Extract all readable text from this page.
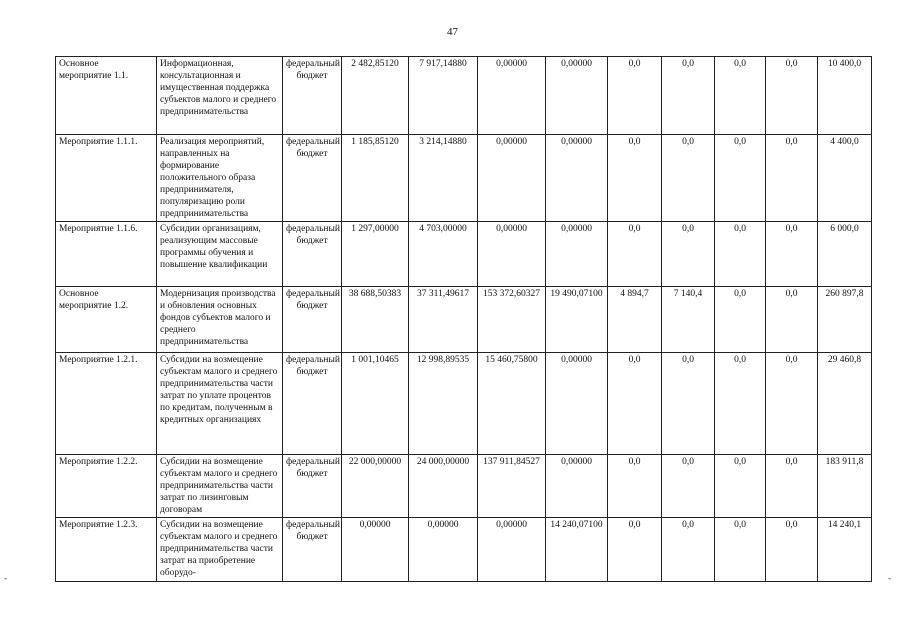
47
Основное мероприятие 1.1.	Информационная, консультационная и имущественная поддержка субъектов малого и среднего предпринимательства	федеральный бюджет	2 482,85120	7 917,14880	0,00000	0,00000	0,0	0,0	0,0	0,0	10 400,0
Мероприятие 1.1.1.	Реализация мероприятий, направленных на формирование положительного образа предпринимателя, популяризацию роли предпринимательства	федеральный бюджет	1 185,85120	3 214,14880	0,00000	0,00000	0,0	0,0	0,0	0,0	4 400,0
Мероприятие 1.1.6.	Субсидии организациям, реализующим массовые программы обучения и повышение квалификации	федеральный бюджет	1 297,00000	4 703,00000	0,00000	0,00000	0,0	0,0	0,0	0,0	6 000,0
Основное мероприятие 1.2.	Модернизация производства и обновления основных фондов субъектов малого и среднего предпринимательства	федеральный бюджет	38 688,50383	37 311,49617	153 372,60327	19 490,07100	4 894,7	7 140,4	0,0	0,0	260 897,8
Мероприятие 1.2.1.	Субсидии на возмещение субъектам малого и среднего предпринимательства части затрат по уплате процентов по кредитам, полученным в кредитных организациях	федеральный бюджет	1 001,10465	12 998,89535	15 460,75800	0,00000	0,0	0,0	0,0	0,0	29 460,8
Мероприятие 1.2.2.	Субсидии на возмещение субъектам малого и среднего предпринимательства части затрат по лизинговым договорам	федеральный бюджет	22 000,00000	24 000,00000	137 911,84527	0,00000	0,0	0,0	0,0	0,0	183 911,8
Мероприятие 1.2.3.	Субсидии на возмещение субъектам малого и среднего предпринимательства части затрат на приобретение оборудо-	федеральный бюджет	0,00000	0,00000	0,00000	14 240,07100	0,0	0,0	0,0	0,0	14 240,1
-	-
